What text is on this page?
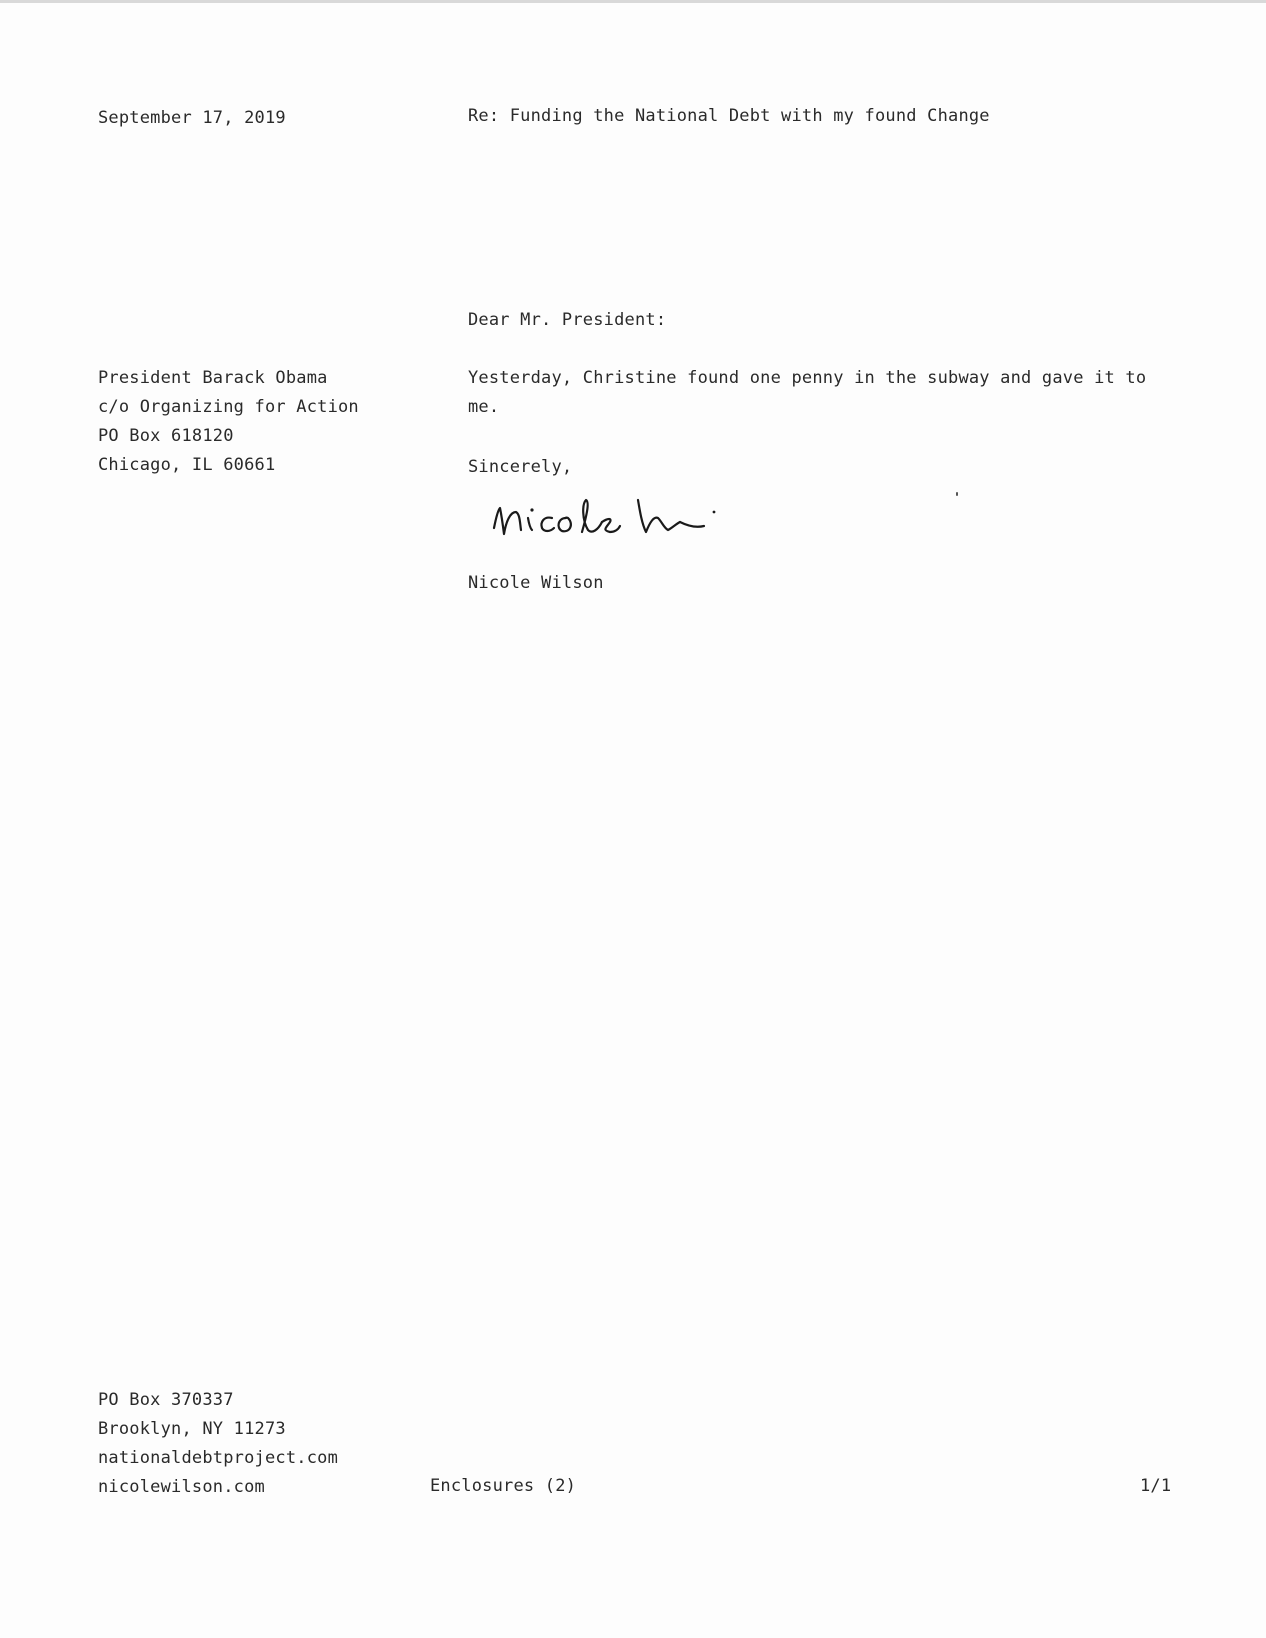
September 17, 2019	Re: Funding the National Debt with my found Change
Dear Mr. President:
President Barack Obama
c/o Organizing for Action
PO Box 618120
Chicago, IL 60661
Yesterday, Christine found one penny in the subway and gave it to me.
Sincerely,
Nicole Wilson
PO Box 370337
Brooklyn, NY 11273
nationaldebtproject.com
nicolewilson.com	Enclosures (2)	1/1
